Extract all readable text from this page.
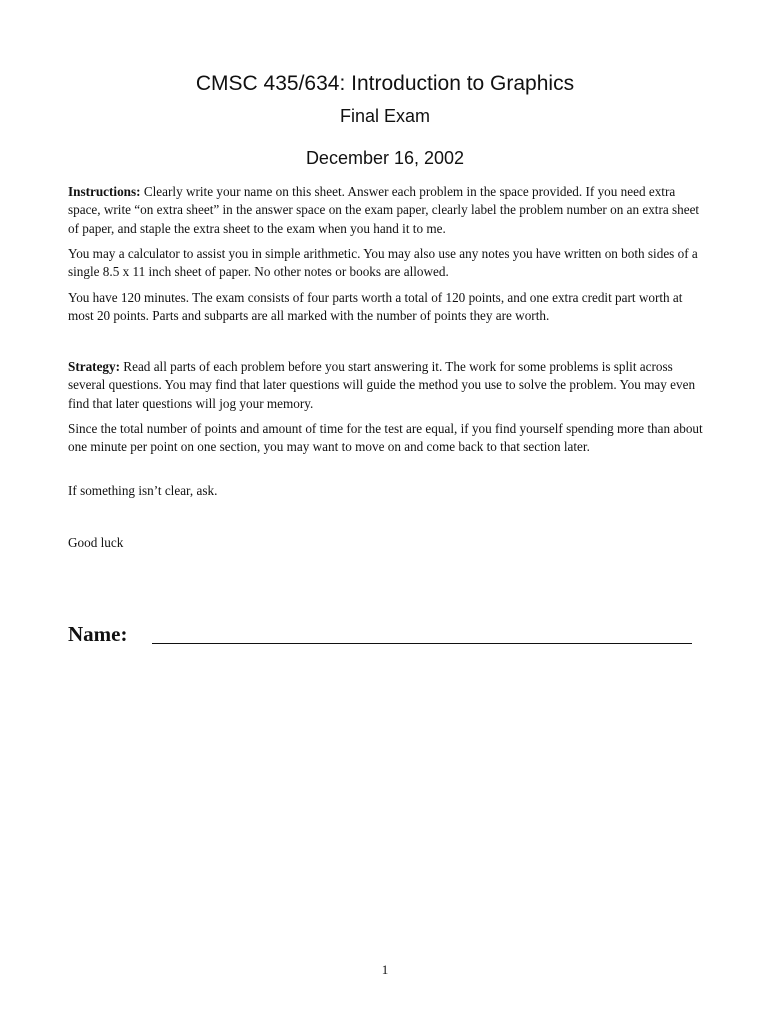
CMSC 435/634: Introduction to Graphics
Final Exam
December 16, 2002

Instructions: Clearly write your name on this sheet. Answer each problem in the space provided. If you need extra space, write “on extra sheet” in the answer space on the exam paper, clearly label the problem number on an extra sheet of paper, and staple the extra sheet to the exam when you hand it to me.

You may a calculator to assist you in simple arithmetic. You may also use any notes you have written on both sides of a single 8.5 x 11 inch sheet of paper. No other notes or books are allowed.

You have 120 minutes. The exam consists of four parts worth a total of 120 points, and one extra credit part worth at most 20 points. Parts and subparts are all marked with the number of points they are worth.

Strategy: Read all parts of each problem before you start answering it. The work for some problems is split across several questions. You may find that later questions will guide the method you use to solve the problem. You may even find that later questions will jog your memory.

Since the total number of points and amount of time for the test are equal, if you find yourself spending more than about one minute per point on one section, you may want to move on and come back to that section later.

If something isn’t clear, ask.

Good luck

Name:
1
